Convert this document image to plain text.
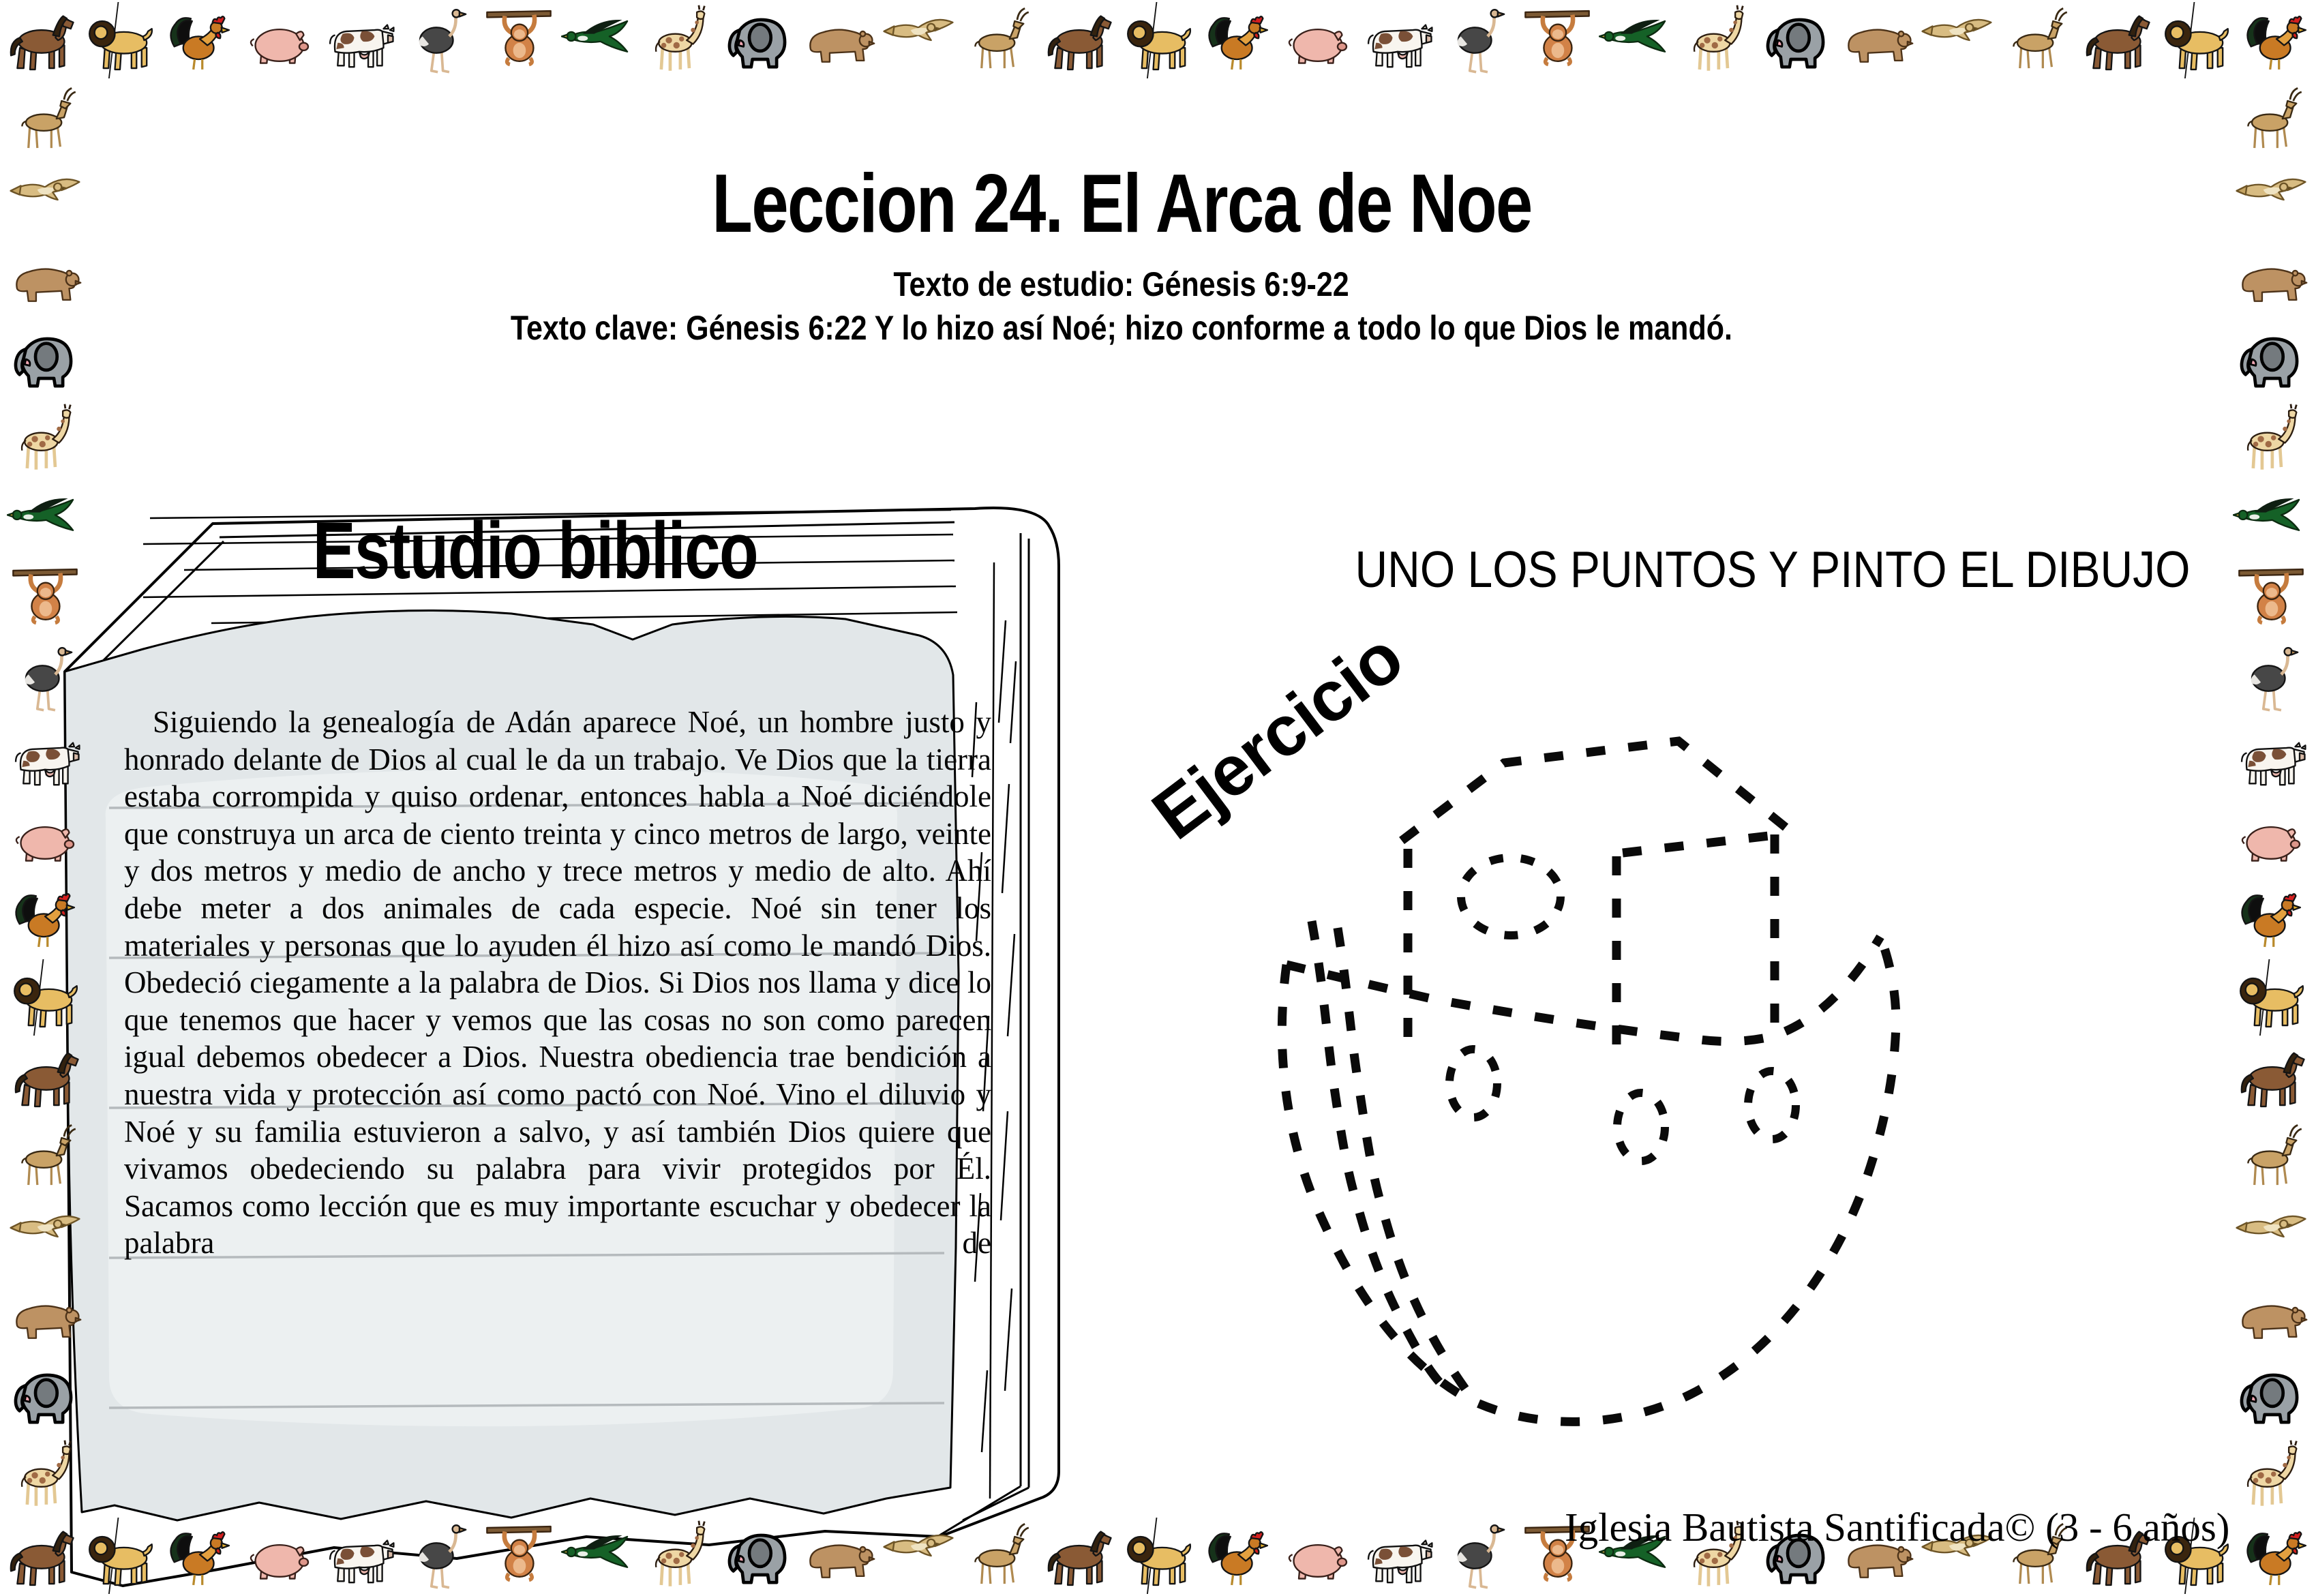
Leccion 24. El Arca de Noe
Texto de estudio: Génesis 6:9-22
Texto clave: Génesis 6:22 Y lo hizo así Noé; hizo conforme a todo lo que Dios le mandó.
Estudio biblico
Siguiendo la genealogía de Adán aparece Noé, un hombre justo y honrado delante de Dios al cual le da un trabajo. Ve Dios que la tierra estaba corrompida y quiso ordenar, entonces habla a Noé diciéndole que construya un arca de ciento treinta y cinco metros de largo, veinte y dos metros y medio de ancho y trece metros y medio de alto. Ahí debe meter a dos animales de cada especie. Noé sin tener los materiales y personas que lo ayuden él hizo así como le mandó Dios. Obedeció ciegamente a la palabra de Dios. Si Dios nos llama y dice lo que tenemos que hacer y vemos que las cosas no son como parecen igual debemos obedecer a Dios. Nuestra obediencia trae bendición a nuestra vida y protección así como pactó con Noé. Vino el diluvio y Noé y su familia estuvieron a salvo, y así también Dios quiere que vivamos obedeciendo su palabra para vivir protegidos por Él. Sacamos como lección que es muy importante escuchar y obedecer la palabra de
UNO LOS PUNTOS Y PINTO EL DIBUJO
Ejercicio
Iglesia Bautista Santificada© (3 - 6 años)
